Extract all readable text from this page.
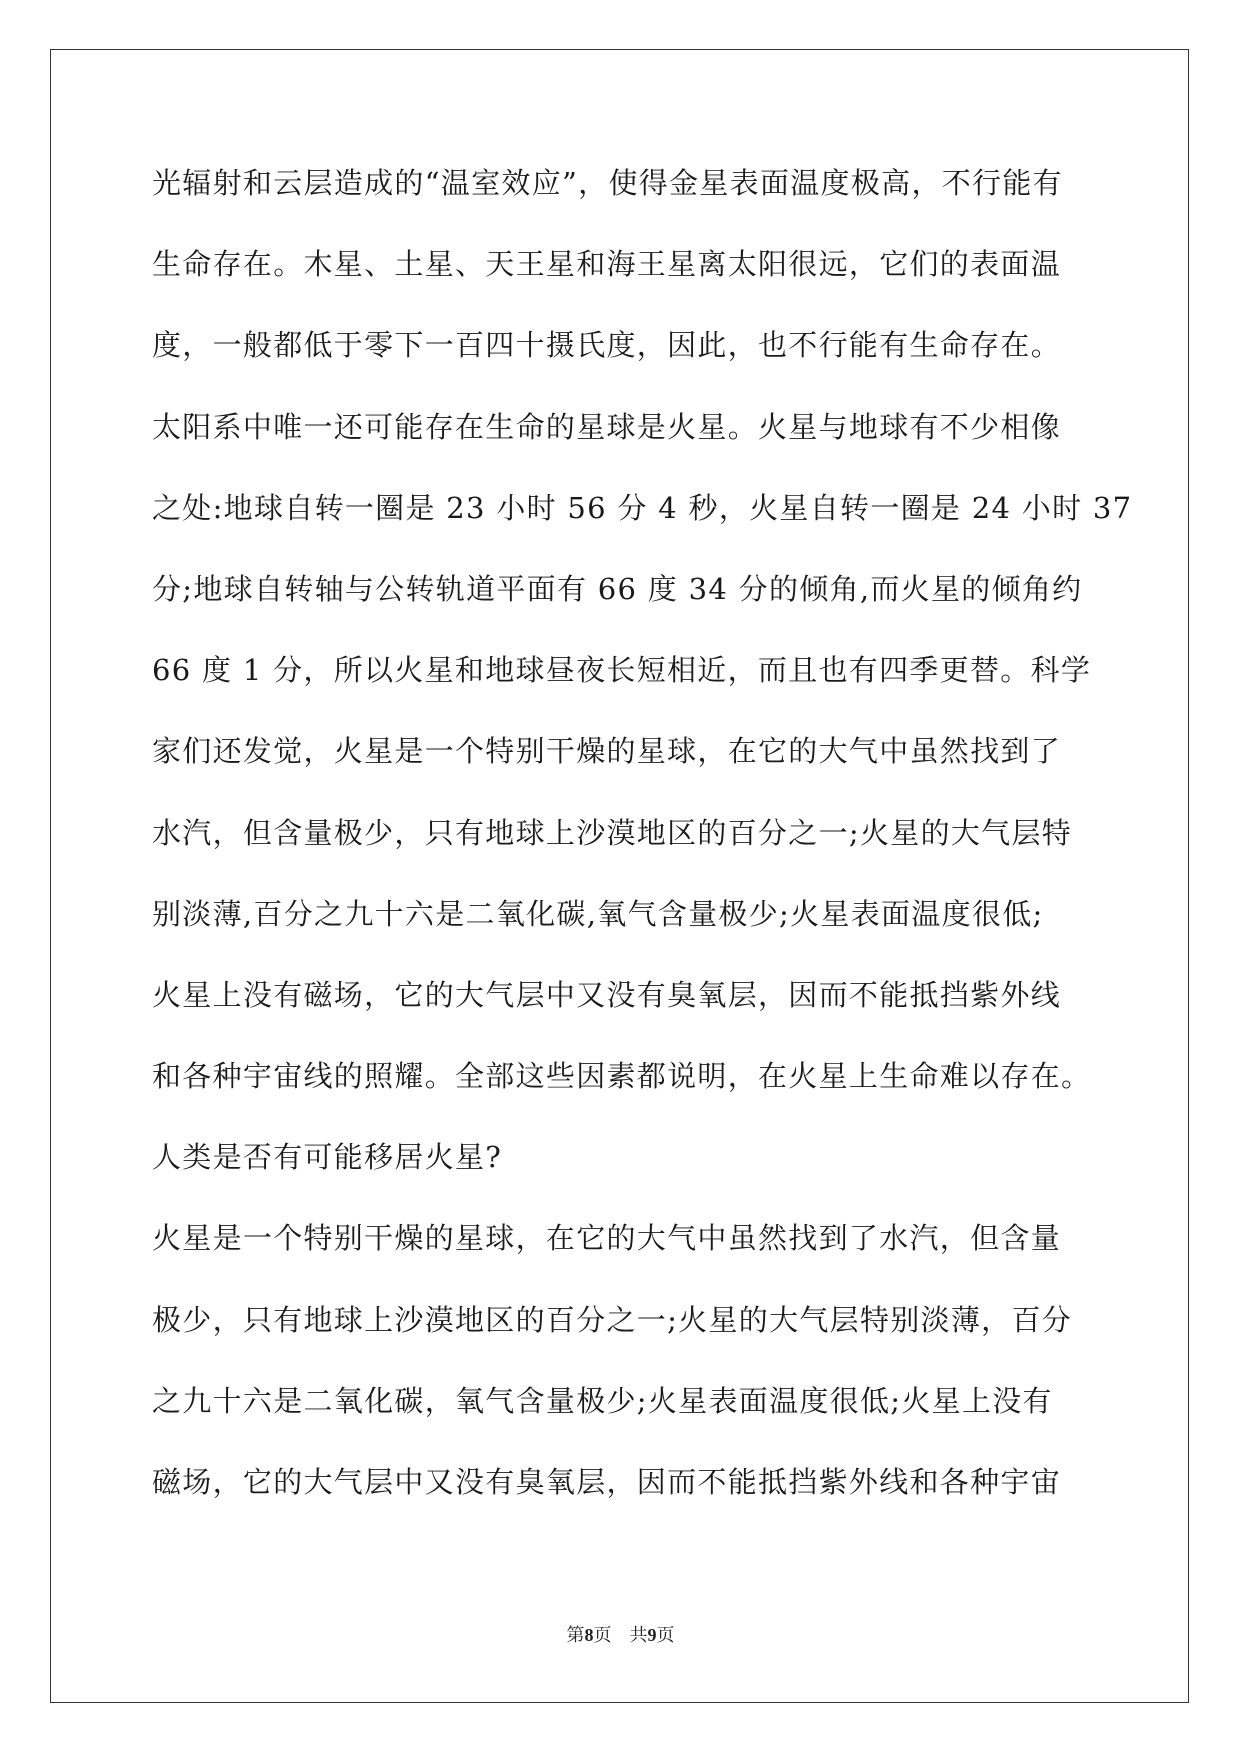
光辐射和云层造成的“温室效应”，使得金星表面温度极高，不行能有
生命存在。木星、土星、天王星和海王星离太阳很远，它们的表面温
度，一般都低于零下一百四十摄氏度，因此，也不行能有生命存在。
太阳系中唯一还可能存在生命的星球是火星。火星与地球有不少相像
之处:地球自转一圈是 23 小时 56 分 4 秒，火星自转一圈是 24 小时 37
分;地球自转轴与公转轨道平面有 66 度 34 分的倾角,而火星的倾角约
66 度 1 分，所以火星和地球昼夜长短相近，而且也有四季更替。科学
家们还发觉，火星是一个特别干燥的星球，在它的大气中虽然找到了
水汽，但含量极少，只有地球上沙漠地区的百分之一;火星的大气层特
别淡薄,百分之九十六是二氧化碳,氧气含量极少;火星表面温度很低;
火星上没有磁场，它的大气层中又没有臭氧层，因而不能抵挡紫外线
和各种宇宙线的照耀。全部这些因素都说明，在火星上生命难以存在。
人类是否有可能移居火星?
火星是一个特别干燥的星球，在它的大气中虽然找到了水汽，但含量
极少，只有地球上沙漠地区的百分之一;火星的大气层特别淡薄，百分
之九十六是二氧化碳，氧气含量极少;火星表面温度很低;火星上没有
磁场，它的大气层中又没有臭氧层，因而不能抵挡紫外线和各种宇宙
第8页 共9页
